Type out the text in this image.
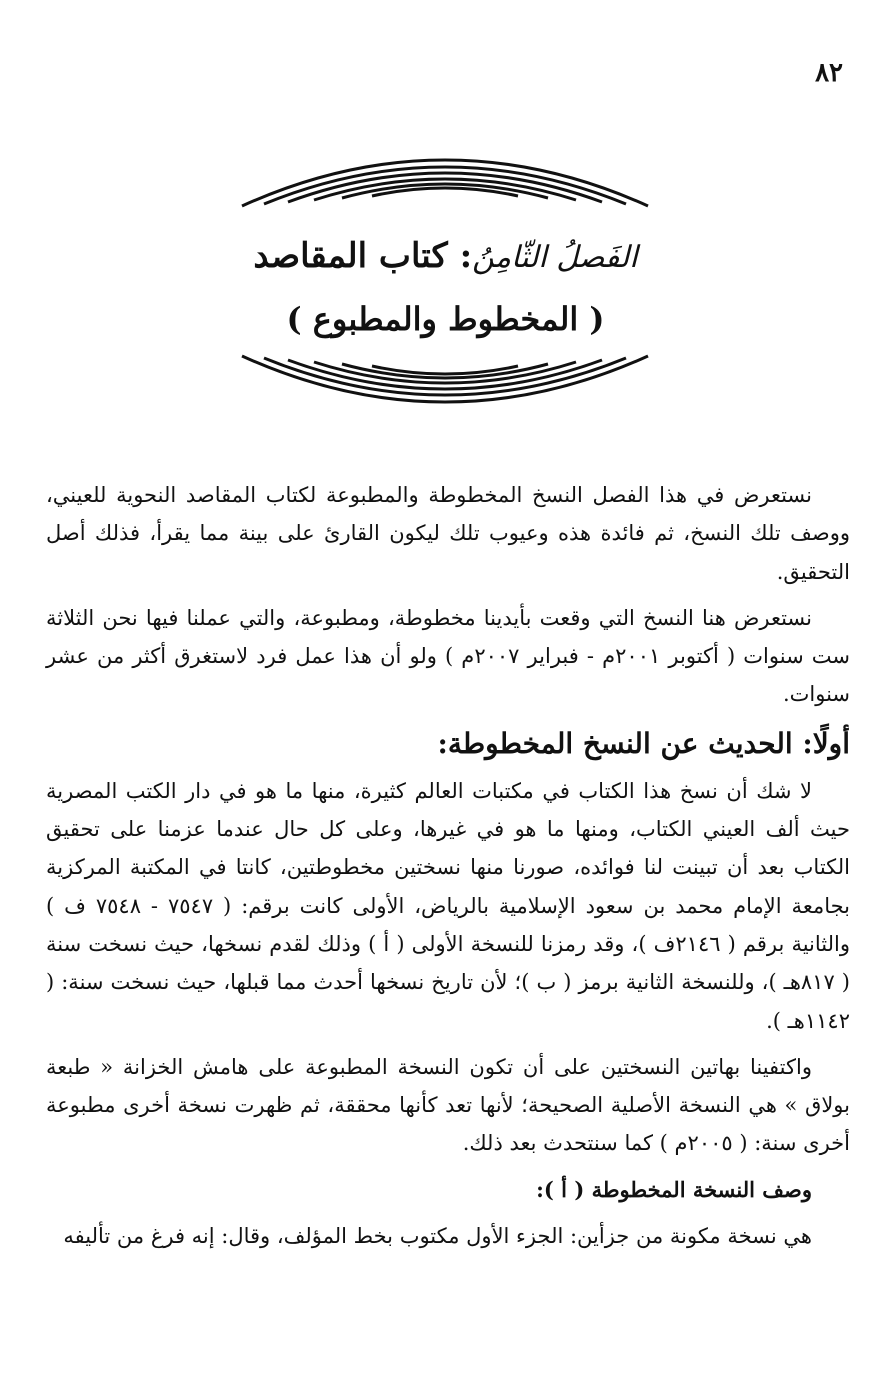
٨٢
الفَصلُ الثّامِنُ: كتاب المقاصد
( المخطوط والمطبوع )

نستعرض في هذا الفصل النسخ المخطوطة والمطبوعة لكتاب المقاصد النحوية للعيني، ووصف تلك النسخ، ثم فائدة هذه وعيوب تلك ليكون القارئ على بينة مما يقرأ، فذلك أصل التحقيق.

نستعرض هنا النسخ التي وقعت بأيدينا مخطوطة، ومطبوعة، والتي عملنا فيها نحن الثلاثة ست سنوات ( أكتوبر ٢٠٠١م - فبراير ٢٠٠٧م ) ولو أن هذا عمل فرد لاستغرق أكثر من عشر سنوات.

أولًا: الحديث عن النسخ المخطوطة:

لا شك أن نسخ هذا الكتاب في مكتبات العالم كثيرة، منها ما هو في دار الكتب المصرية حيث ألف العيني الكتاب، ومنها ما هو في غيرها، وعلى كل حال عندما عزمنا على تحقيق الكتاب بعد أن تبينت لنا فوائده، صورنا منها نسختين مخطوطتين، كانتا في المكتبة المركزية بجامعة الإمام محمد بن سعود الإسلامية بالرياض، الأولى كانت برقم: ( ٧٥٤٧ - ٧٥٤٨ ف ) والثانية برقم ( ٢١٤٦ف )، وقد رمزنا للنسخة الأولى ( أ ) وذلك لقدم نسخها، حيث نسخت سنة ( ٨١٧هـ )، وللنسخة الثانية برمز ( ب )؛ لأن تاريخ نسخها أحدث مما قبلها، حيث نسخت سنة: ( ١١٤٢هـ ).

واكتفينا بهاتين النسختين على أن تكون النسخة المطبوعة على هامش الخزانة « طبعة بولاق » هي النسخة الأصلية الصحيحة؛ لأنها تعد كأنها محققة، ثم ظهرت نسخة أخرى مطبوعة أخرى سنة: ( ٢٠٠٥م ) كما سنتحدث بعد ذلك.

وصف النسخة المخطوطة ( أ ):

هي نسخة مكونة من جزأين: الجزء الأول مكتوب بخط المؤلف، وقال: إنه فرغ من تأليفه
